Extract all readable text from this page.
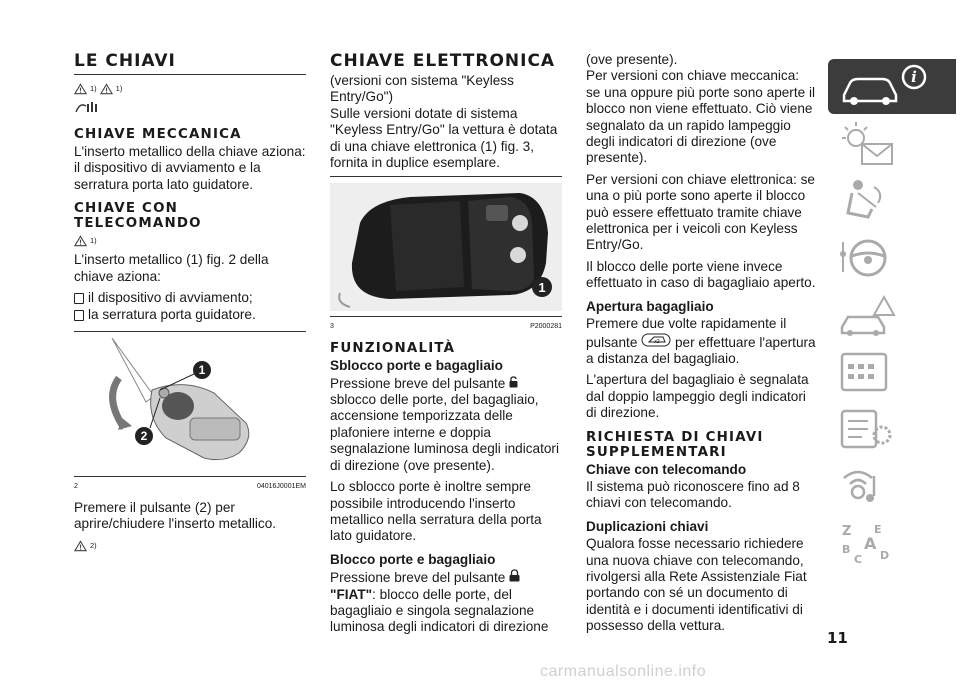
LE CHIAVI
1)	1)
CHIAVE MECCANICA

L'inserto metallico della chiave aziona: il dispositivo di avviamento e la serratura porta lato guidatore.

CHIAVE CON TELECOMANDO
1)

L'inserto metallico (1) fig. 2 della chiave aziona:

il dispositivo di avviamento;
la serratura porta guidatore.
1
2
2	04016J0001EM

Premere il pulsante (2) per aprire/chiudere l'inserto metallico.

2)
CHIAVE ELETTRONICA

(versioni con sistema "Keyless Entry/Go")

Sulle versioni dotate di sistema "Keyless Entry/Go" la vettura è dotata di una chiave elettronica (1) fig. 3, fornita in duplice esemplare.

1
3	P2000281
FUNZIONALITÀ
Sblocco porte e bagagliaio

Pressione breve del pulsante  sblocco delle porte, del bagagliaio, accensione temporizzata delle plafoniere interne e doppia segnalazione luminosa degli indicatori di direzione (ove presente).

Lo sblocco porte è inoltre sempre possibile introducendo l'inserto metallico nella serratura della porta lato guidatore.

Blocco porte e bagagliaio

Pressione breve del pulsante
"FIAT": blocco delle porte, del bagagliaio e singola segnalazione luminosa degli indicatori di direzione

(ove presente).

Per versioni con chiave meccanica: se una oppure più porte sono aperte il blocco non viene effettuato. Ciò viene segnalato da un rapido lampeggio degli indicatori di direzione (ove presente).

Per versioni con chiave elettronica: se una o più porte sono aperte il blocco può essere effettuato tramite chiave elettronica per i veicoli con Keyless Entry/Go.

Il blocco delle porte viene invece effettuato in caso di bagagliaio aperto.

Apertura bagagliaio

Premere due volte rapidamente il pulsante	x2 per effettuare l'apertura a distanza del bagagliaio.

L'apertura del bagagliaio è segnalata dal doppio lampeggio degli indicatori di direzione.

RICHIESTA DI CHIAVI SUPPLEMENTARI
Chiave con telecomando

Il sistema può riconoscere fino ad 8 chiavi con telecomando.

Duplicazioni chiavi

Qualora fosse necessario richiedere una nuova chiave con telecomando, rivolgersi alla Rete Assistenziale Fiat portando con sé un documento di identità e i documenti identificativi di possesso della vettura.

i
Z E
B A
C D
11
carmanualsonline.info
